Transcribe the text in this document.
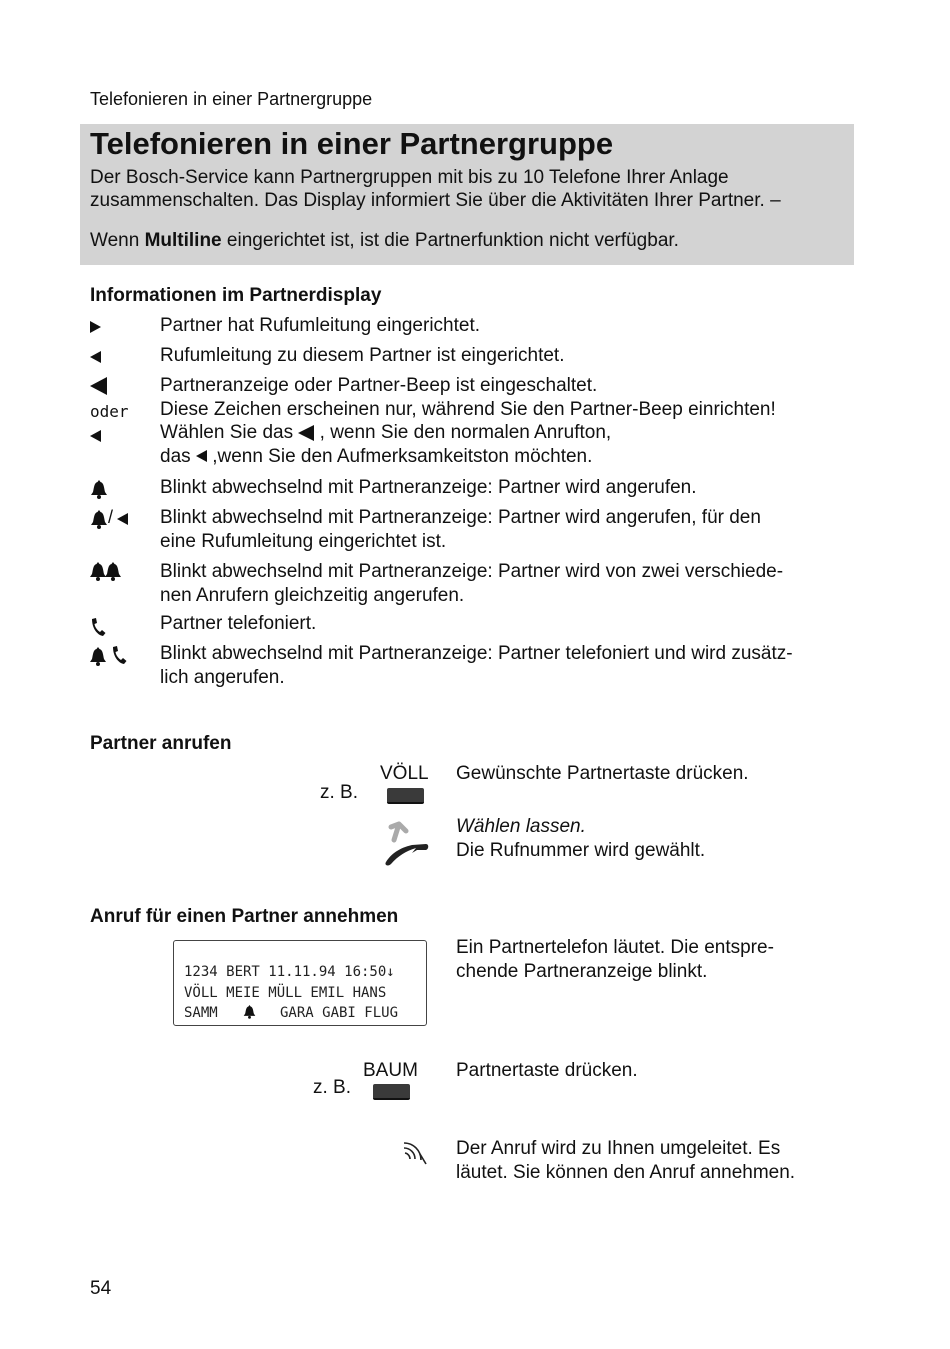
Telefonieren in einer Partnergruppe
Telefonieren in einer Partnergruppe
Der Bosch-Service kann Partnergruppen mit bis zu 10 Telefone Ihrer Anlage
zusammenschalten. Das Display informiert Sie über die Aktivitäten Ihrer Partner. –
Wenn Multiline eingerichtet ist, ist die Partnerfunktion nicht verfügbar.
Informationen im Partnerdisplay
Partner hat Rufumleitung eingerichtet.
Rufumleitung zu diesem Partner ist eingerichtet.
oder
Partneranzeige oder Partner-Beep ist eingeschaltet.
Diese Zeichen erscheinen nur, während Sie den Partner-Beep einrichten!
Wählen Sie das  , wenn Sie den normalen Anrufton,
das  ,wenn Sie den Aufmerksamkeitston möchten.
Blinkt abwechselnd mit Partneranzeige: Partner wird angerufen.
/ Blinkt abwechselnd mit Partneranzeige: Partner wird angerufen, für den
eine Rufumleitung eingerichtet ist.
Blinkt abwechselnd mit Partneranzeige: Partner wird von zwei verschiede-
nen Anrufern gleichzeitig angerufen.
Partner telefoniert.
Blinkt abwechselnd mit Partneranzeige: Partner telefoniert und wird zusätz-
lich angerufen.
Partner anrufen
VÖLL
z. B.
Gewünschte Partnertaste drücken.
Wählen lassen.
Die Rufnummer wird gewählt.
Anruf für einen Partner annehmen
1234 BERT 11.11.94 16:50↓
VÖLL MEIE MÜLL EMIL HANS
SAMM	GARA GABI FLUG
Ein Partnertelefon läutet. Die entspre-
chende Partneranzeige blinkt.
BAUM
z. B.
Partnertaste drücken.
Der Anruf wird zu Ihnen umgeleitet. Es
läutet. Sie können den Anruf annehmen.
54
